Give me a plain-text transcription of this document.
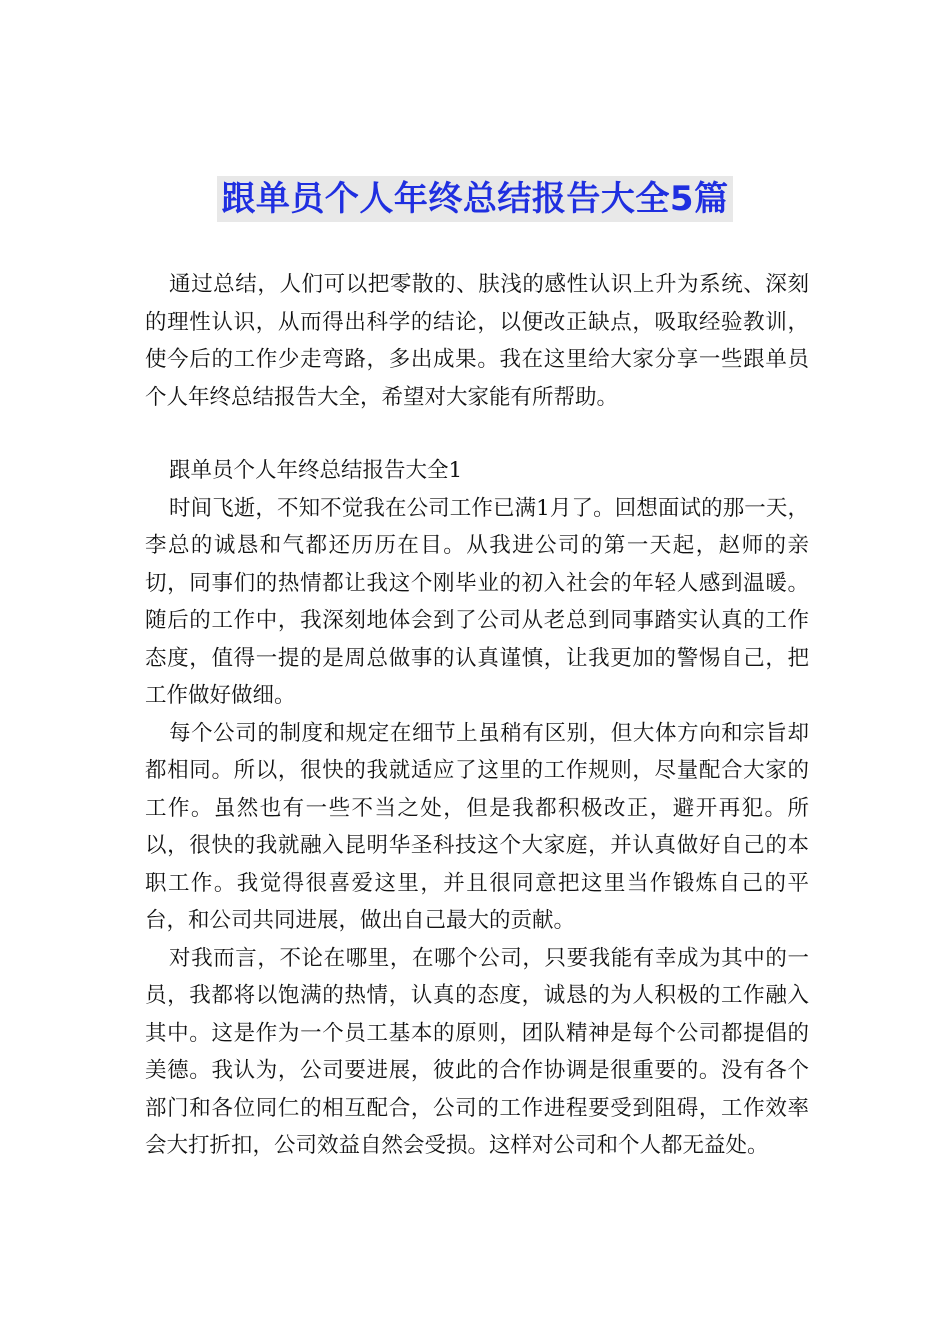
跟单员个人年终总结报告大全5篇

通过总结，人们可以把零散的、肤浅的感性认识上升为系统、深刻的理性认识，从而得出科学的结论，以便改正缺点，吸取经验教训，使今后的工作少走弯路，多出成果。我在这里给大家分享一些跟单员个人年终总结报告大全，希望对大家能有所帮助。

跟单员个人年终总结报告大全1

时间飞逝，不知不觉我在公司工作已满1月了。回想面试的那一天，李总的诚恳和气都还历历在目。从我进公司的第一天起，赵师的亲切，同事们的热情都让我这个刚毕业的初入社会的年轻人感到温暖。随后的工作中，我深刻地体会到了公司从老总到同事踏实认真的工作态度，值得一提的是周总做事的认真谨慎，让我更加的警惕自己，把工作做好做细。

每个公司的制度和规定在细节上虽稍有区别，但大体方向和宗旨却都相同。所以，很快的我就适应了这里的工作规则，尽量配合大家的工作。虽然也有一些不当之处，但是我都积极改正，避开再犯。所以，很快的我就融入昆明华圣科技这个大家庭，并认真做好自己的本职工作。我觉得很喜爱这里，并且很同意把这里当作锻炼自己的平台，和公司共同进展，做出自己最大的贡献。

对我而言，不论在哪里，在哪个公司，只要我能有幸成为其中的一员，我都将以饱满的热情，认真的态度，诚恳的为人积极的工作融入其中。这是作为一个员工基本的原则，团队精神是每个公司都提倡的美德。我认为，公司要进展，彼此的合作协调是很重要的。没有各个部门和各位同仁的相互配合，公司的工作进程要受到阻碍，工作效率会大打折扣，公司效益自然会受损。这样对公司和个人都无益处。
